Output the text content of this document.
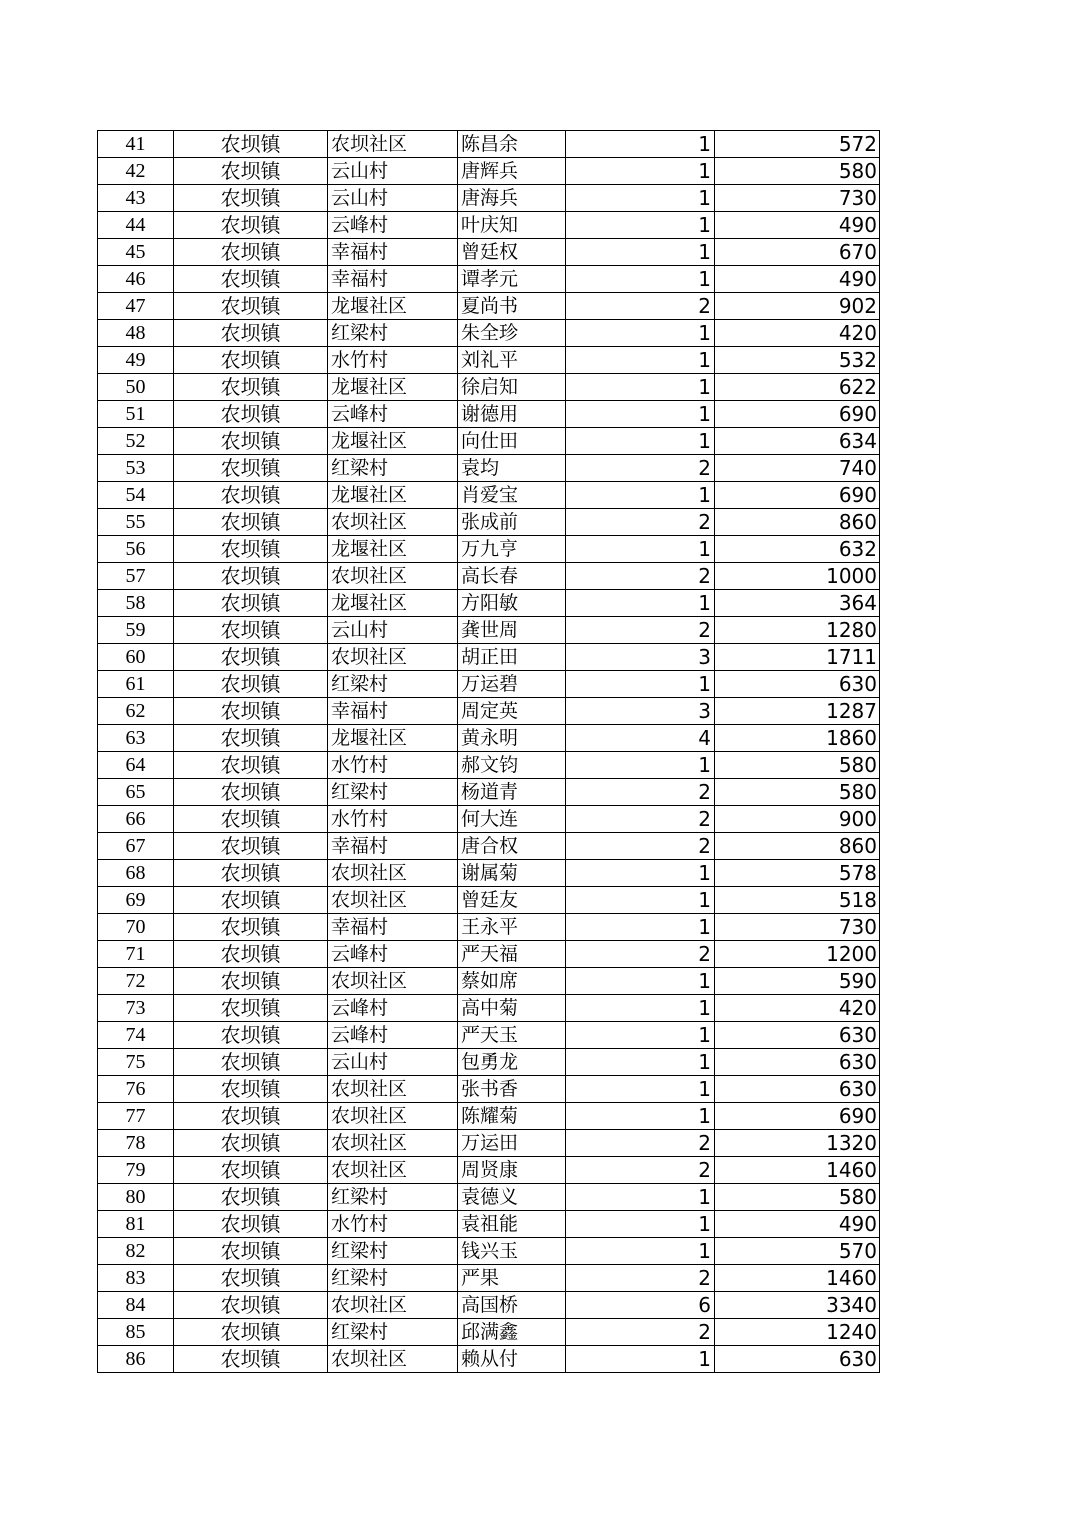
41	农坝镇	农坝社区	陈昌余	1	572
42	农坝镇	云山村	唐辉兵	1	580
43	农坝镇	云山村	唐海兵	1	730
44	农坝镇	云峰村	叶庆知	1	490
45	农坝镇	幸福村	曾廷权	1	670
46	农坝镇	幸福村	谭孝元	1	490
47	农坝镇	龙堰社区	夏尚书	2	902
48	农坝镇	红梁村	朱全珍	1	420
49	农坝镇	水竹村	刘礼平	1	532
50	农坝镇	龙堰社区	徐启知	1	622
51	农坝镇	云峰村	谢德用	1	690
52	农坝镇	龙堰社区	向仕田	1	634
53	农坝镇	红梁村	袁均	2	740
54	农坝镇	龙堰社区	肖爱宝	1	690
55	农坝镇	农坝社区	张成前	2	860
56	农坝镇	龙堰社区	万九亨	1	632
57	农坝镇	农坝社区	高长春	2	1000
58	农坝镇	龙堰社区	方阳敏	1	364
59	农坝镇	云山村	龚世周	2	1280
60	农坝镇	农坝社区	胡正田	3	1711
61	农坝镇	红梁村	万运碧	1	630
62	农坝镇	幸福村	周定英	3	1287
63	农坝镇	龙堰社区	黄永明	4	1860
64	农坝镇	水竹村	郝文钧	1	580
65	农坝镇	红梁村	杨道青	2	580
66	农坝镇	水竹村	何大连	2	900
67	农坝镇	幸福村	唐合权	2	860
68	农坝镇	农坝社区	谢属菊	1	578
69	农坝镇	农坝社区	曾廷友	1	518
70	农坝镇	幸福村	王永平	1	730
71	农坝镇	云峰村	严天福	2	1200
72	农坝镇	农坝社区	蔡如席	1	590
73	农坝镇	云峰村	高中菊	1	420
74	农坝镇	云峰村	严天玉	1	630
75	农坝镇	云山村	包勇龙	1	630
76	农坝镇	农坝社区	张书香	1	630
77	农坝镇	农坝社区	陈耀菊	1	690
78	农坝镇	农坝社区	万运田	2	1320
79	农坝镇	农坝社区	周贤康	2	1460
80	农坝镇	红梁村	袁德义	1	580
81	农坝镇	水竹村	袁祖能	1	490
82	农坝镇	红梁村	钱兴玉	1	570
83	农坝镇	红梁村	严果	2	1460
84	农坝镇	农坝社区	高国桥	6	3340
85	农坝镇	红梁村	邱满鑫	2	1240
86	农坝镇	农坝社区	赖从付	1	630
